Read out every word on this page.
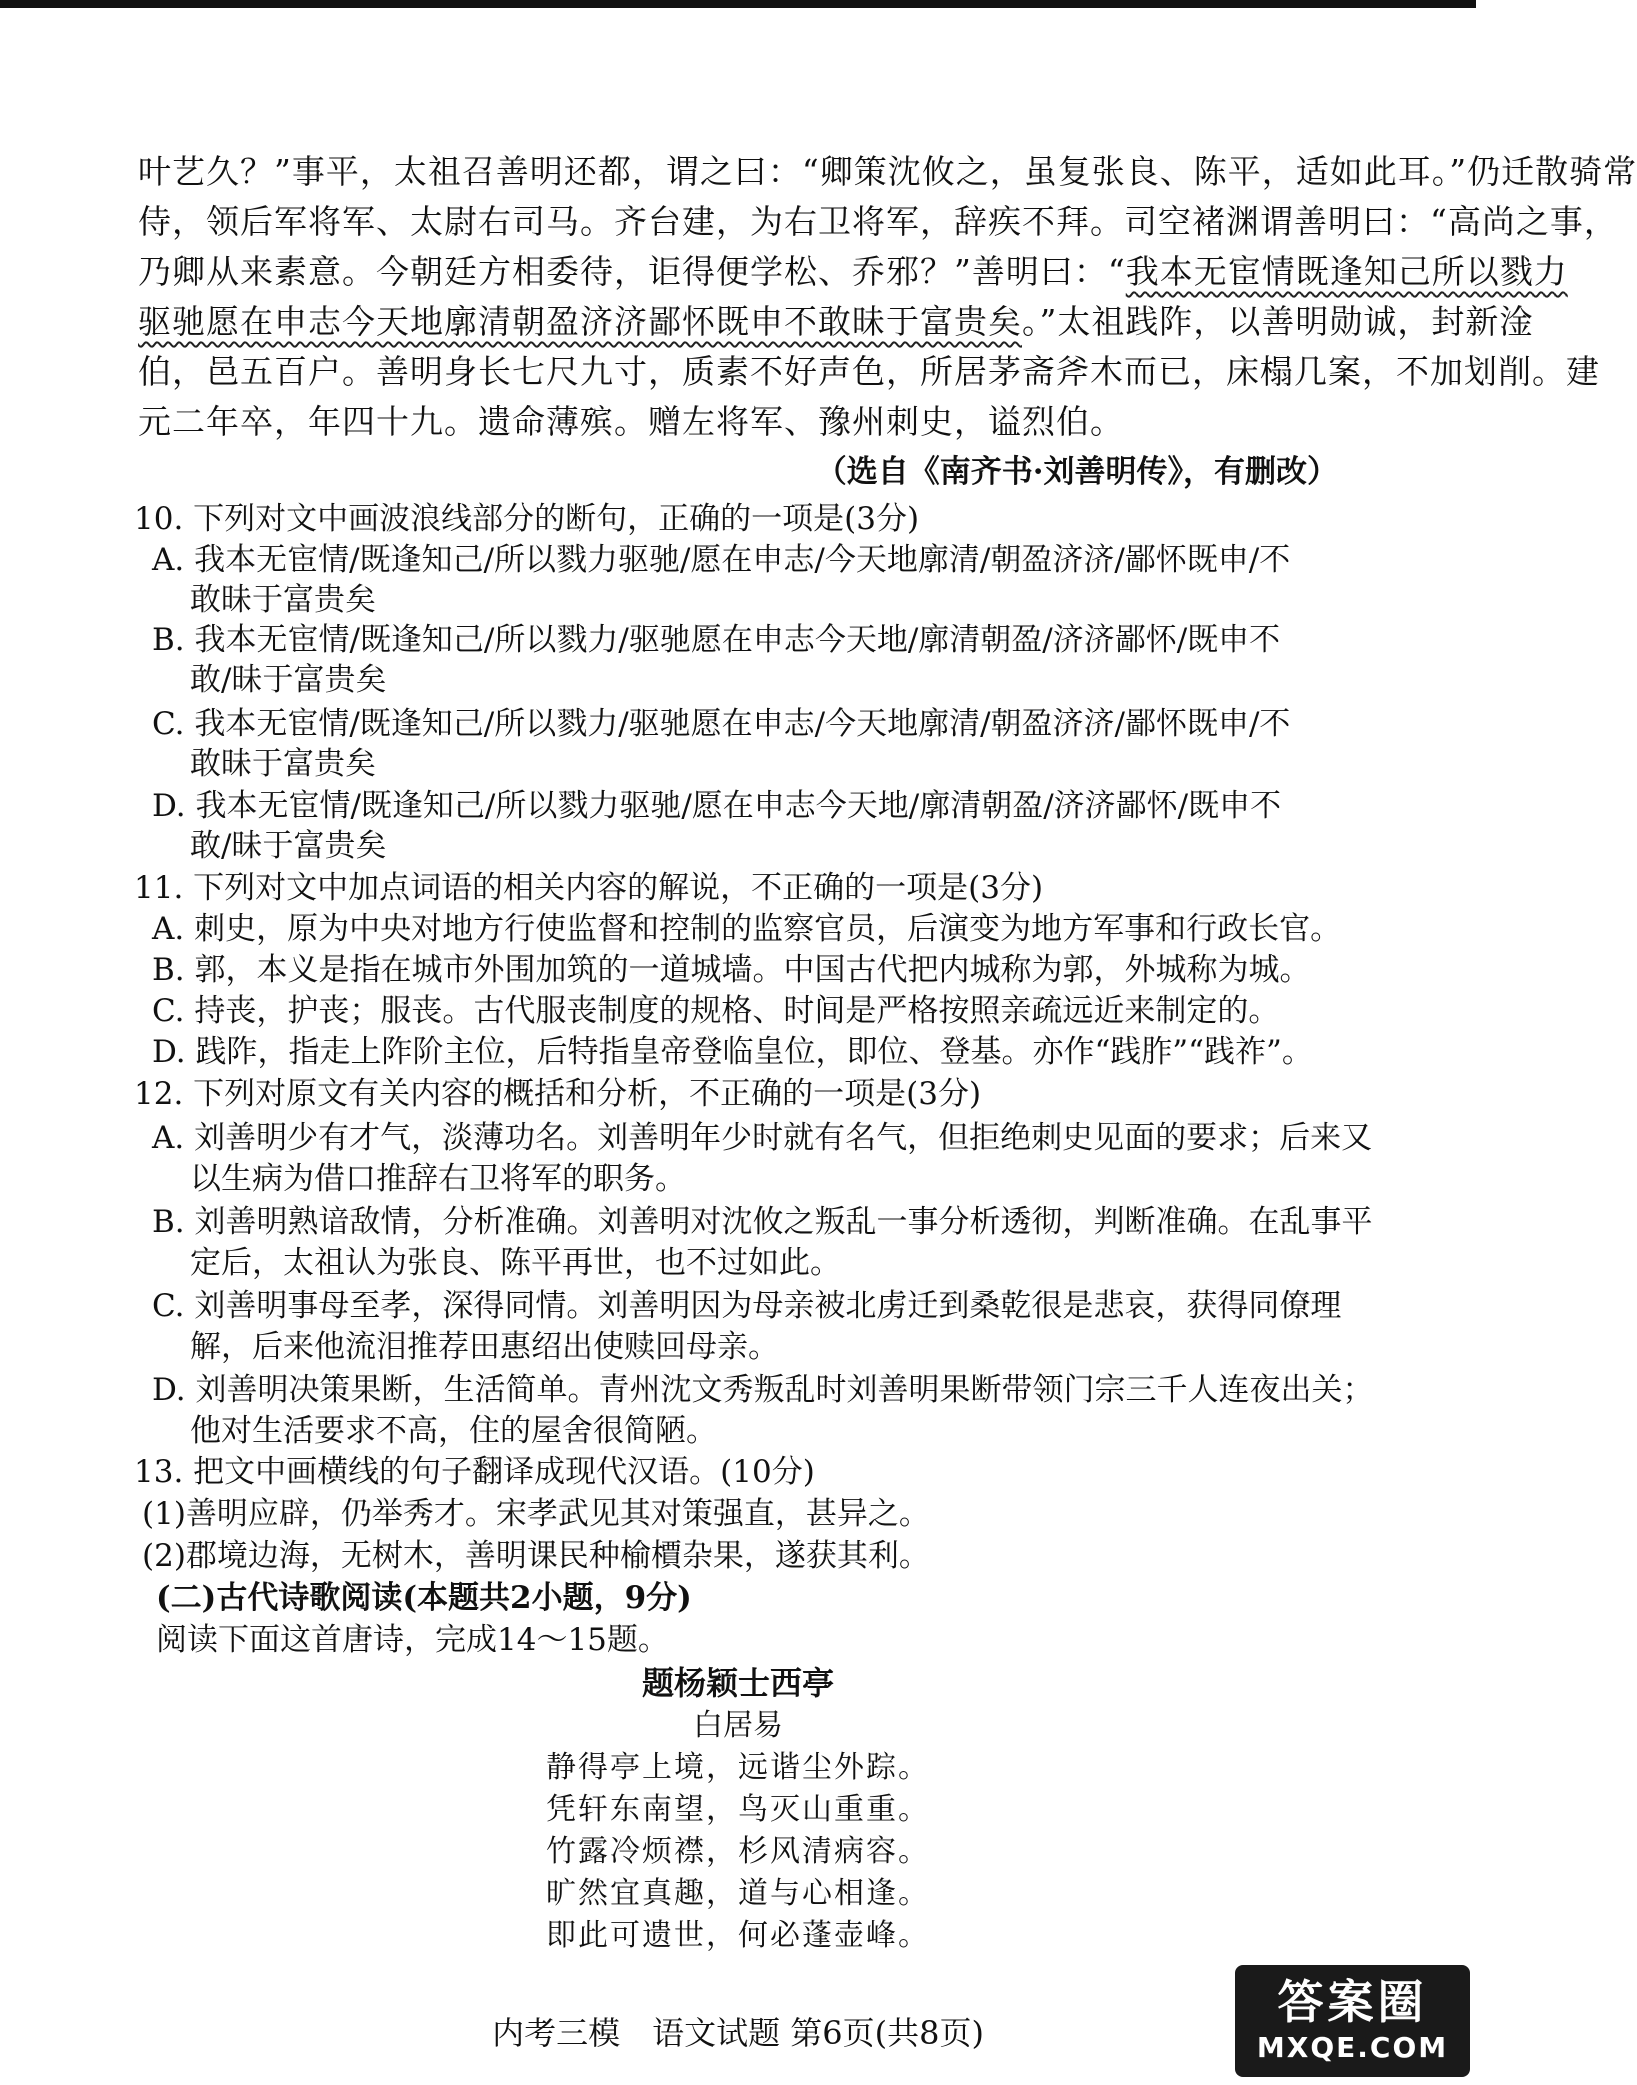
叶艺久？”事平，太祖召善明还都，谓之曰：“卿策沈攸之，虽复张良、陈平，适如此耳。”仍迁散骑常
侍，领后军将军、太尉右司马。齐台建，为右卫将军，辞疾不拜。司空褚渊谓善明曰：“高尚之事，
乃卿从来素意。今朝廷方相委待，讵得便学松、乔邪？”善明曰：“我本无宦情既逢知己所以戮力
驱驰愿在申志今天地廓清朝盈济济鄙怀既申不敢昧于富贵矣。”太祖践阼，以善明勋诚，封新淦
伯，邑五百户。善明身长七尺九寸，质素不好声色，所居茅斋斧木而已，床榻几案，不加划削。建
元二年卒，年四十九。遗命薄殡。赠左将军、豫州刺史，谥烈伯。
（选自《南齐书·刘善明传》，有删改）
10. 下列对文中画波浪线部分的断句，正确的一项是(3分)
A. 我本无宦情/既逢知己/所以戮力驱驰/愿在申志/今天地廓清/朝盈济济/鄙怀既申/不
敢昧于富贵矣
B. 我本无宦情/既逢知己/所以戮力/驱驰愿在申志今天地/廓清朝盈/济济鄙怀/既申不
敢/昧于富贵矣
C. 我本无宦情/既逢知己/所以戮力/驱驰愿在申志/今天地廓清/朝盈济济/鄙怀既申/不
敢昧于富贵矣
D. 我本无宦情/既逢知己/所以戮力驱驰/愿在申志今天地/廓清朝盈/济济鄙怀/既申不
敢/昧于富贵矣
11. 下列对文中加点词语的相关内容的解说，不正确的一项是(3分)
A. 刺史，原为中央对地方行使监督和控制的监察官员，后演变为地方军事和行政长官。
B. 郭，本义是指在城市外围加筑的一道城墙。中国古代把内城称为郭，外城称为城。
C. 持丧，护丧；服丧。古代服丧制度的规格、时间是严格按照亲疏远近来制定的。
D. 践阼，指走上阼阶主位，后特指皇帝登临皇位，即位、登基。亦作“践胙”“践祚”。
12. 下列对原文有关内容的概括和分析，不正确的一项是(3分)
A. 刘善明少有才气，淡薄功名。刘善明年少时就有名气，但拒绝刺史见面的要求；后来又
以生病为借口推辞右卫将军的职务。
B. 刘善明熟谙敌情，分析准确。刘善明对沈攸之叛乱一事分析透彻，判断准确。在乱事平
定后，太祖认为张良、陈平再世，也不过如此。
C. 刘善明事母至孝，深得同情。刘善明因为母亲被北虏迁到桑乾很是悲哀，获得同僚理
解，后来他流泪推荐田惠绍出使赎回母亲。
D. 刘善明决策果断，生活简单。青州沈文秀叛乱时刘善明果断带领门宗三千人连夜出关；
他对生活要求不高，住的屋舍很简陋。
13. 把文中画横线的句子翻译成现代汉语。(10分)
(1)善明应辟，仍举秀才。宋孝武见其对策强直，甚异之。
(2)郡境边海，无树木，善明课民种榆檟杂果，遂获其利。
(二)古代诗歌阅读(本题共2小题，9分)
阅读下面这首唐诗，完成14～15题。
题杨颖士西亭
白居易
静得亭上境，远谐尘外踪。
凭轩东南望，鸟灭山重重。
竹露冷烦襟，杉风清病容。
旷然宜真趣，道与心相逢。
即此可遗世，何必蓬壶峰。
内考三模　语文试题 第6页(共8页)
答案圈
MXQE.COM
